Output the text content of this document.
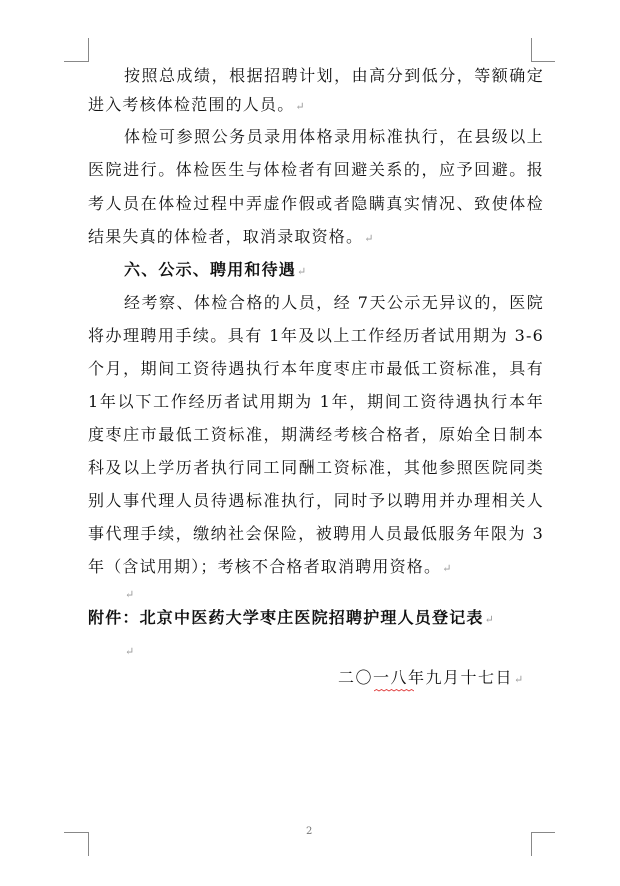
按照总成绩，根据招聘计划，由高分到低分，等额确定
进入考核体检范围的人员。↵
体检可参照公务员录用体格录用标准执行，在县级以上
医院进行。体检医生与体检者有回避关系的，应予回避。报
考人员在体检过程中弄虚作假或者隐瞒真实情况、致使体检
结果失真的体检者，取消录取资格。↵
六、公示、聘用和待遇↵
经考察、体检合格的人员，经 7天公示无异议的，医院
将办理聘用手续。具有 1年及以上工作经历者试用期为 3-6
个月，期间工资待遇执行本年度枣庄市最低工资标准，具有
1年以下工作经历者试用期为 1年，期间工资待遇执行本年
度枣庄市最低工资标准，期满经考核合格者，原始全日制本
科及以上学历者执行同工同酬工资标准，其他参照医院同类
别人事代理人员待遇标准执行，同时予以聘用并办理相关人
事代理手续，缴纳社会保险，被聘用人员最低服务年限为 3
年（含试用期）；考核不合格者取消聘用资格。↵
↵
附件：北京中医药大学枣庄医院招聘护理人员登记表↵
↵
二〇一八年九月十七日↵
2
